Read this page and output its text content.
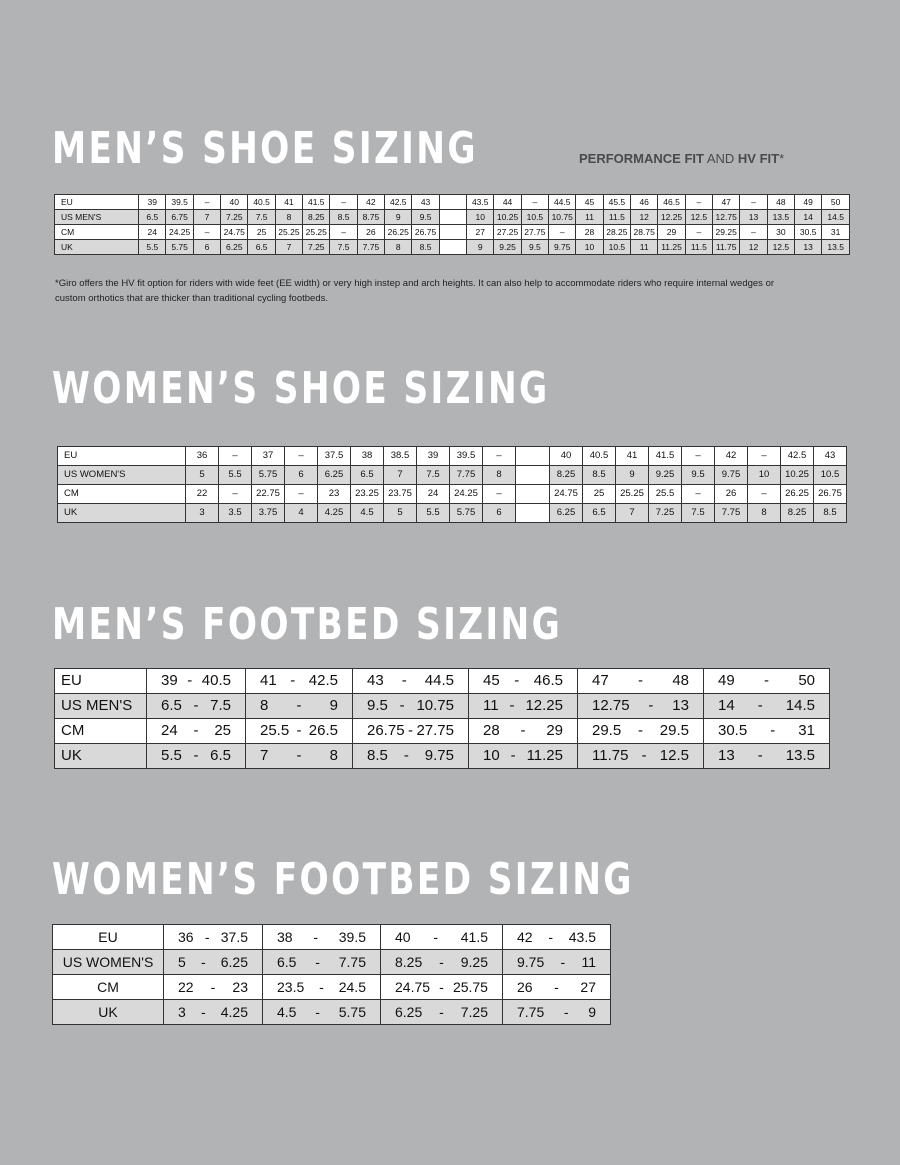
MEN’S SHOE SIZING	PERFORMANCE FIT AND HV FIT*
EU	39	39.5	–	40	40.5	41	41.5	–	42	42.5	43		43.5	44	–	44.5	45	45.5	46	46.5	–	47	–	48	49	50
US MEN'S	6.5	6.75	7	7.25	7.5	8	8.25	8.5	8.75	9	9.5		10	10.25	10.5	10.75	11	11.5	12	12.25	12.5	12.75	13	13.5	14	14.5
CM	24	24.25	–	24.75	25	25.25	25.25	–	26	26.25	26.75		27	27.25	27.75	–	28	28.25	28.75	29	–	29.25	–	30	30.5	31
UK	5.5	5.75	6	6.25	6.5	7	7.25	7.5	7.75	8	8.5		9	9.25	9.5	9.75	10	10.5	11	11.25	11.5	11.75	12	12.5	13	13.5
*Giro offers the HV fit option for riders with wide feet (EE width) or very high instep and arch heights. It can also help to accommodate riders who require internal wedges or custom orthotics that are thicker than traditional cycling footbeds.
WOMEN’S SHOE SIZING
EU	36	–	37	–	37.5	38	38.5	39	39.5	–		40	40.5	41	41.5	–	42	–	42.5	43
US WOMEN'S	5	5.5	5.75	6	6.25	6.5	7	7.5	7.75	8		8.25	8.5	9	9.25	9.5	9.75	10	10.25	10.5
CM	22	–	22.75	–	23	23.25	23.75	24	24.25	–		24.75	25	25.25	25.5	–	26	–	26.25	26.75
UK	3	3.5	3.75	4	4.25	4.5	5	5.5	5.75	6		6.25	6.5	7	7.25	7.5	7.75	8	8.25	8.5
MEN’S FOOTBED SIZING
EU	39 - 40.5	41 - 42.5	43 - 44.5	45 - 46.5	47 - 48	49 - 50

US MEN'S	6.5 - 7.5	8 - 9	9.5 - 10.75	11 - 12.25	12.75 - 13	14 - 14.5

CM	24 - 25	25.5 - 26.5	26.75 - 27.75	28 - 29	29.5 - 29.5	30.5 - 31

UK	5.5 - 6.5	7 - 8	8.5 - 9.75	10 - 11.25	11.75 - 12.5	13 - 13.5
WOMEN’S FOOTBED SIZING
EU	36 - 37.5	38 - 39.5	40 - 41.5	42 - 43.5

US WOMEN'S	5 - 6.25	6.5 - 7.75	8.25 - 9.25	9.75 - 11

CM	22 - 23	23.5 - 24.5	24.75 - 25.75	26 - 27

UK	3 - 4.25	4.5 - 5.75	6.25 - 7.25	7.75 - 9
